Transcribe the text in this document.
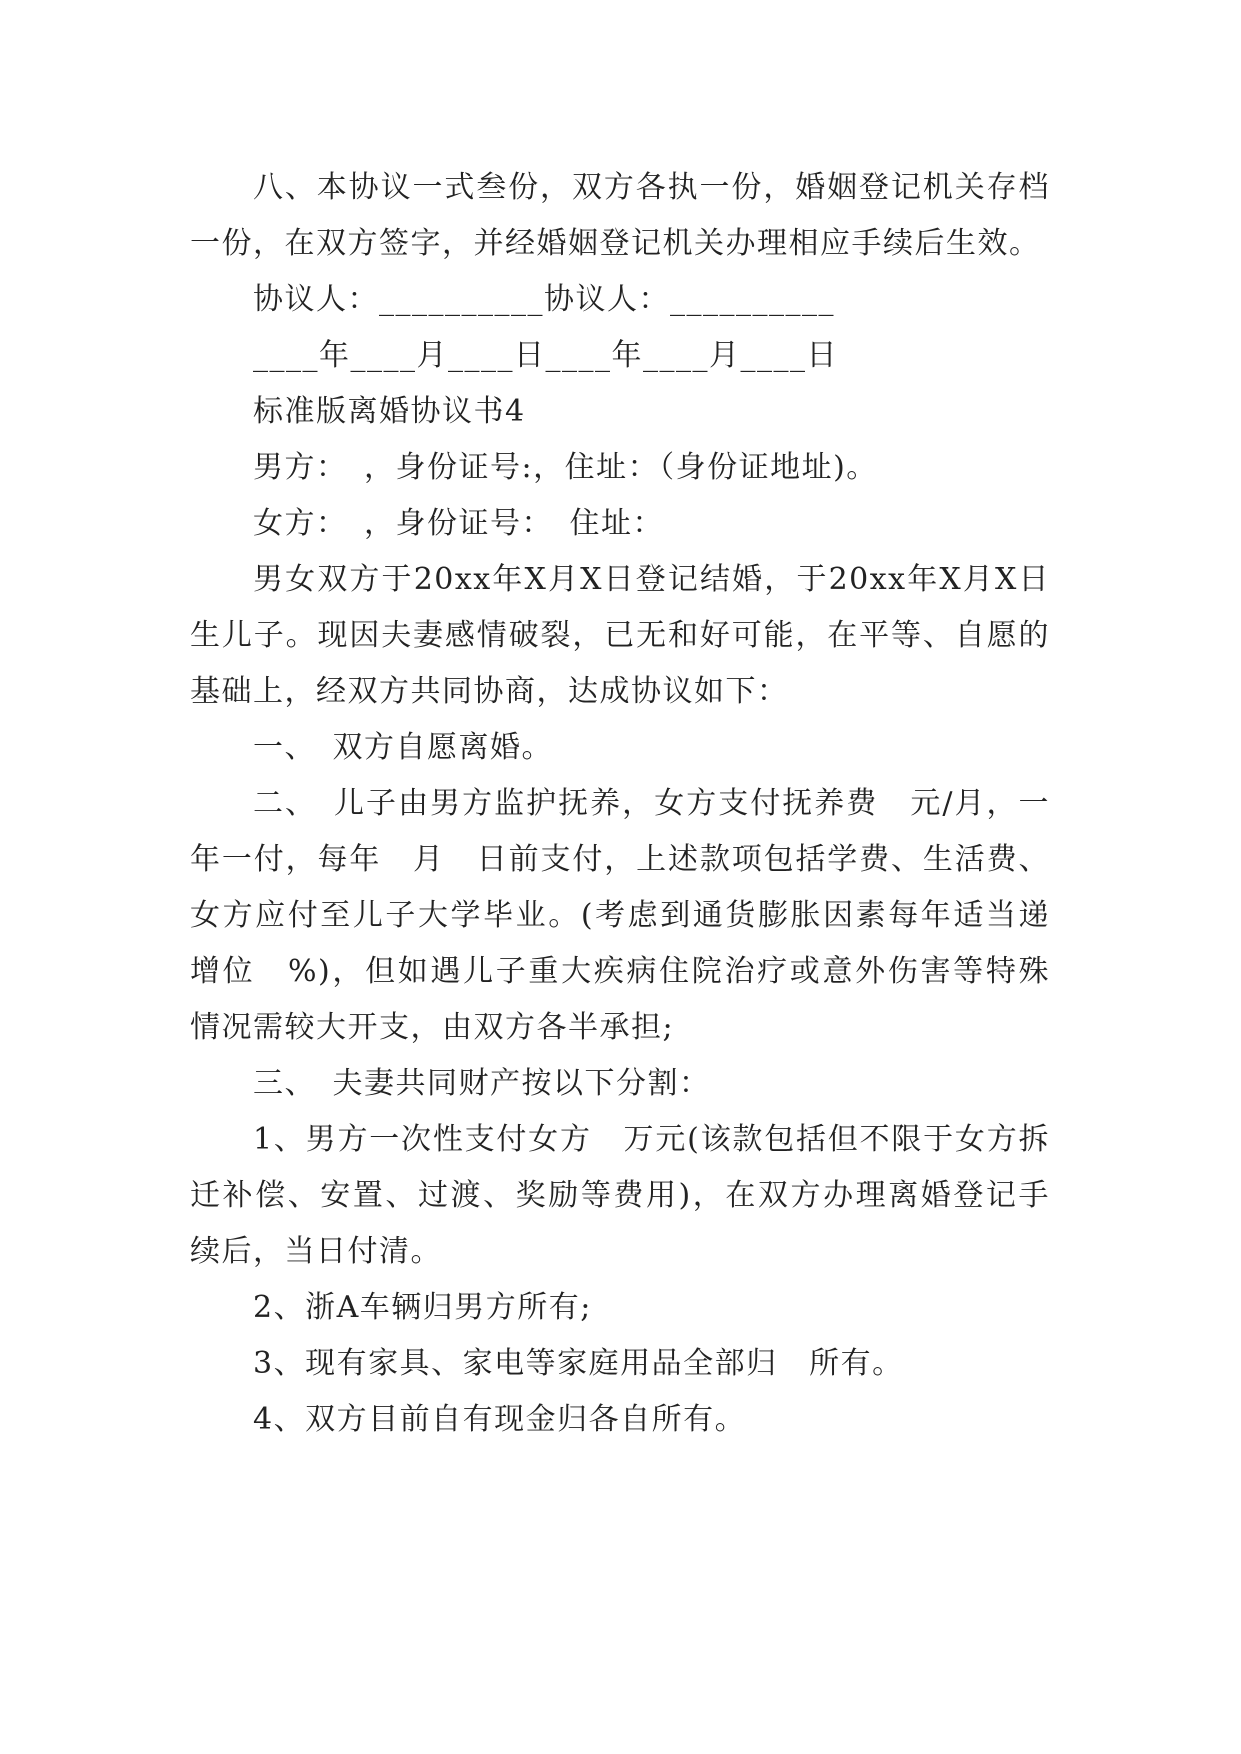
八、本协议一式叁份，双方各执一份，婚姻登记机关存档一份，在双方签字，并经婚姻登记机关办理相应手续后生效。

协议人：__________协议人：__________

____年____月____日____年____月____日

标准版离婚协议书4

男方：　，身份证号:，住址：（身份证地址)。

女方：　，身份证号：　住址：

男女双方于20xx年X月X日登记结婚，于20xx年X月X日生儿子。现因夫妻感情破裂，已无和好可能，在平等、自愿的基础上，经双方共同协商，达成协议如下：

一、　双方自愿离婚。

二、　儿子由男方监护抚养，女方支付抚养费　元/月，一年一付，每年　月　日前支付，上述款项包括学费、生活费、女方应付至儿子大学毕业。(考虑到通货膨胀因素每年适当递增位　%)，但如遇儿子重大疾病住院治疗或意外伤害等特殊情况需较大开支，由双方各半承担;

三、　夫妻共同财产按以下分割：

1、男方一次性支付女方　万元(该款包括但不限于女方拆迁补偿、安置、过渡、奖励等费用)，在双方办理离婚登记手续后，当日付清。

2、浙A车辆归男方所有;

3、现有家具、家电等家庭用品全部归　所有。

4、双方目前自有现金归各自所有。
